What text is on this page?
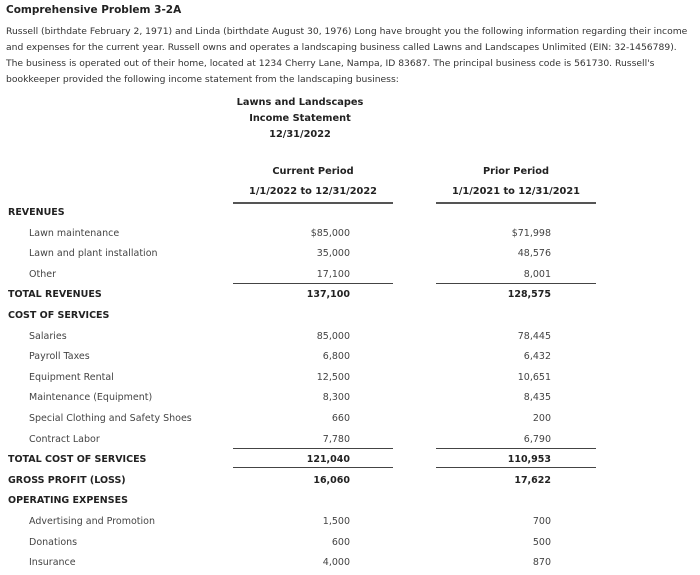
Comprehensive Problem 3-2A

Russell (birthdate February 2, 1971) and Linda (birthdate August 30, 1976) Long have brought you the following information regarding their income and expenses for the current year. Russell owns and operates a landscaping business called Lawns and Landscapes Unlimited (EIN: 32-1456789). The business is operated out of their home, located at 1234 Cherry Lane, Nampa, ID 83687. The principal business code is 561730. Russell's bookkeeper provided the following income statement from the landscaping business:

Lawns and Landscapes
Income Statement
12/31/2022
Current Period
1/1/2022 to 12/31/2022
Prior Period
1/1/2021 to 12/31/2021
REVENUES
Lawn maintenance	$85,000	$71,998
Lawn and plant installation	35,000	48,576
Other	17,100	8,001
TOTAL REVENUES	137,100	128,575
COST OF SERVICES
Salaries	85,000	78,445
Payroll Taxes	6,800	6,432
Equipment Rental	12,500	10,651
Maintenance (Equipment)	8,300	8,435
Special Clothing and Safety Shoes	660	200
Contract Labor	7,780	6,790
TOTAL COST OF SERVICES	121,040	110,953
GROSS PROFIT (LOSS)	16,060	17,622
OPERATING EXPENSES
Advertising and Promotion	1,500	700
Donations	600	500
Insurance	4,000	870
